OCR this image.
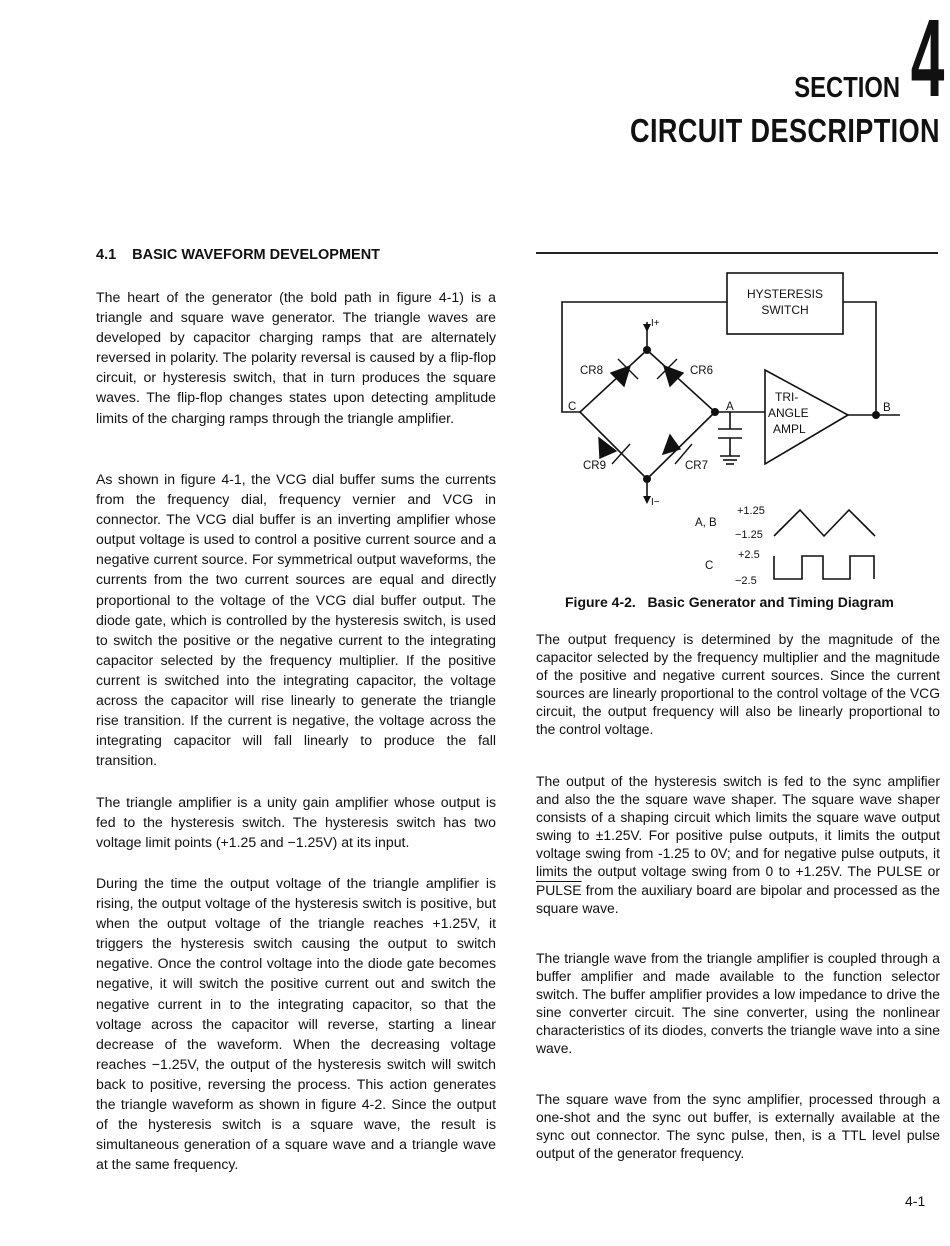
SECTION 4
CIRCUIT DESCRIPTION
4.1 BASIC WAVEFORM DEVELOPMENT

The heart of the generator (the bold path in figure 4-1) is a triangle and square wave generator. The triangle waves are developed by capacitor charging ramps that are alternately reversed in polarity. The polarity reversal is caused by a flip-flop circuit, or hysteresis switch, that in turn produces the square waves. The flip-flop changes states upon detecting amplitude limits of the charging ramps through the triangle amplifier.

As shown in figure 4-1, the VCG dial buffer sums the currents from the frequency dial, frequency vernier and VCG in connector. The VCG dial buffer is an inverting amplifier whose output voltage is used to control a positive current source and a negative current source. For symmetrical output waveforms, the currents from the two current sources are equal and directly proportional to the voltage of the VCG dial buffer output. The diode gate, which is controlled by the hysteresis switch, is used to switch the positive or the negative current to the integrating capacitor selected by the frequency multiplier. If the positive current is switched into the integrating capacitor, the voltage across the capacitor will rise linearly to generate the triangle rise transition. If the current is negative, the voltage across the integrating capacitor will fall linearly to produce the fall transition.

The triangle amplifier is a unity gain amplifier whose output is fed to the hysteresis switch. The hysteresis switch has two voltage limit points (+1.25 and −1.25V) at its input.

During the time the output voltage of the triangle amplifier is rising, the output voltage of the hysteresis switch is positive, but when the output voltage of the triangle reaches +1.25V, it triggers the hysteresis switch causing the output to switch negative. Once the control voltage into the diode gate becomes negative, it will switch the positive current out and switch the negative current in to the integrating capacitor, so that the voltage across the capacitor will reverse, starting a linear decrease of the waveform. When the decreasing voltage reaches −1.25V, the output of the hysteresis switch will switch back to positive, reversing the process. This action generates the triangle waveform as shown in figure 4-2. Since the output of the hysteresis switch is a square wave, the result is simultaneous generation of a square wave and a triangle wave at the same frequency.

HYSTERESIS
SWITCH
TRI-
ANGLE
AMPL
I+
I−
CR8	CR6
CR9	CR7
A	B
C
A, B
+1.25
−1.25
C
+2.5
−2.5
Figure 4-2.   Basic Generator and Timing Diagram

The output frequency is determined by the magnitude of the capacitor selected by the frequency multiplier and the magnitude of the positive and negative current sources. Since the current sources are linearly proportional to the control voltage of the VCG circuit, the output frequency will also be linearly proportional to the control voltage.

The output of the hysteresis switch is fed to the sync amplifier and also the the square wave shaper. The square wave shaper consists of a shaping circuit which limits the square wave output swing to ±1.25V. For positive pulse outputs, it limits the output voltage swing from -1.25 to 0V; and for negative pulse outputs, it limits the output voltage swing from 0 to +1.25V. The PULSE or PULSE from the auxiliary board are bipolar and processed as the square wave.

The triangle wave from the triangle amplifier is coupled through a buffer amplifier and made available to the function selector switch. The buffer amplifier provides a low impedance to drive the sine converter circuit. The sine converter, using the nonlinear characteristics of its diodes, converts the triangle wave into a sine wave.

The square wave from the sync amplifier, processed through a one-shot and the sync out buffer, is externally available at the sync out connector. The sync pulse, then, is a TTL level pulse output of the generator frequency.

4-1
